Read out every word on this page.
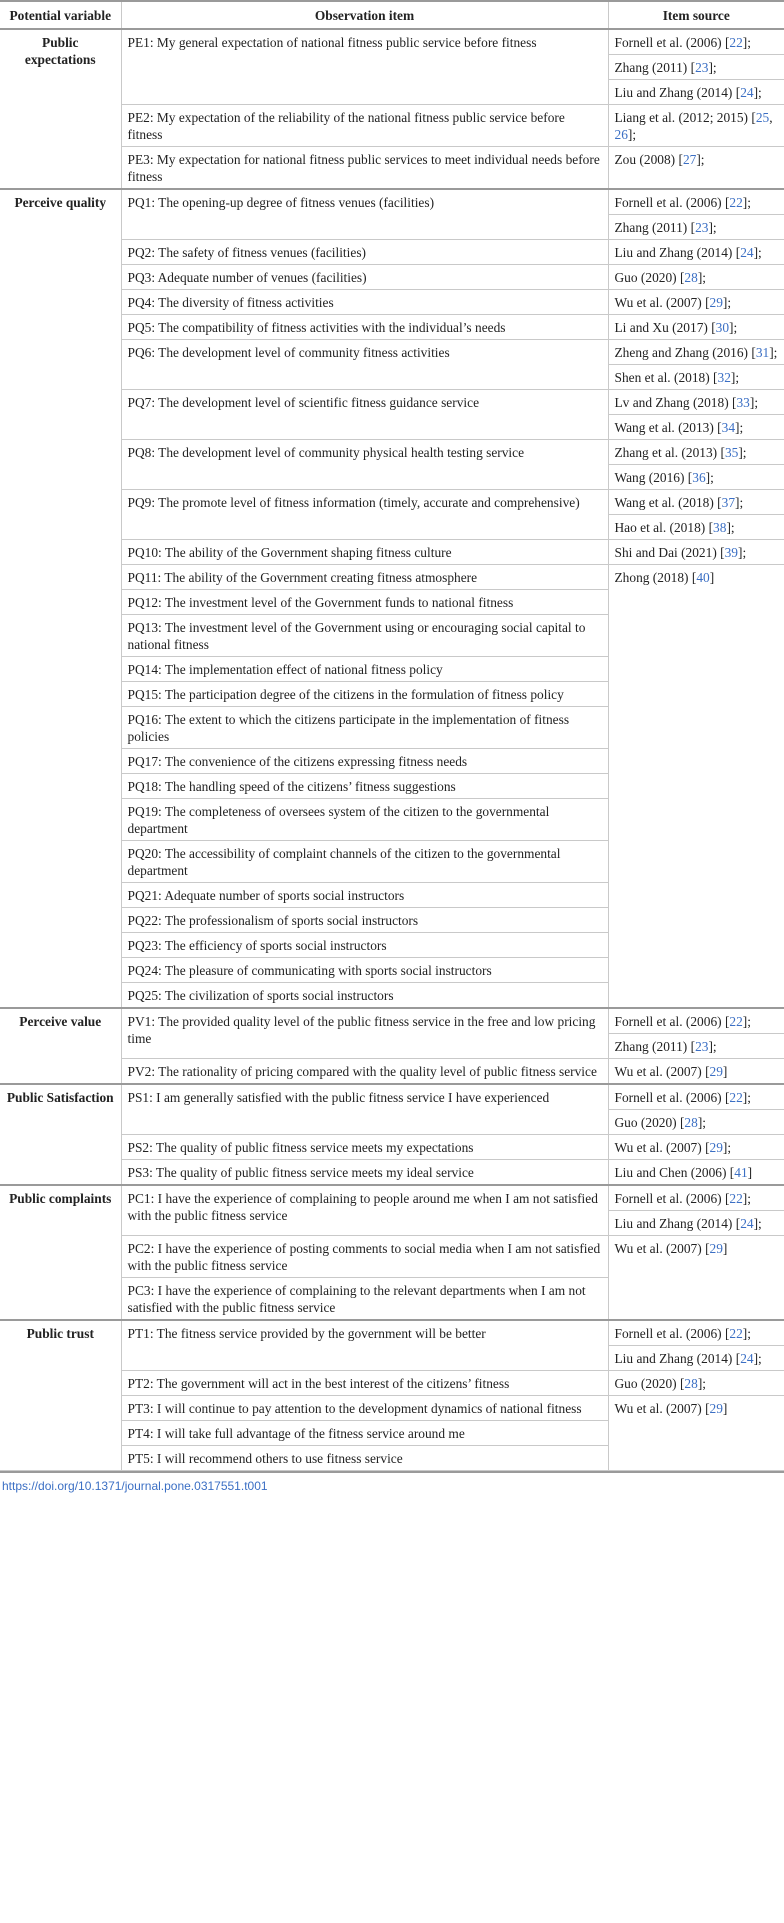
Potential variable	Observation item	Item source
Public expectations	PE1: My general expectation of national fitness public service before fitness	Fornell et al. (2006) [22];
		Zhang (2011) [23];
		Liu and Zhang (2014) [24];
	PE2: My expectation of the reliability of the national fitness public service before fitness	Liang et al. (2012; 2015) [25, 26];
	PE3: My expectation for national fitness public services to meet individual needs before fitness	Zou (2008) [27];
Perceive quality	PQ1: The opening-up degree of fitness venues (facilities)	Fornell et al. (2006) [22];
		Zhang (2011) [23];
	PQ2: The safety of fitness venues (facilities)	Liu and Zhang (2014) [24];
	PQ3: Adequate number of venues (facilities)	Guo (2020) [28];
	PQ4: The diversity of fitness activities	Wu et al. (2007) [29];
	PQ5: The compatibility of fitness activities with the individual’s needs	Li and Xu (2017) [30];
	PQ6: The development level of community fitness activities	Zheng and Zhang (2016) [31];
		Shen et al. (2018) [32];
	PQ7: The development level of scientific fitness guidance service	Lv and Zhang (2018) [33];
		Wang et al. (2013) [34];
	PQ8: The development level of community physical health testing service	Zhang et al. (2013) [35];
		Wang (2016) [36];
	PQ9: The promote level of fitness information (timely, accurate and comprehensive)	Wang et al. (2018) [37];
		Hao et al. (2018) [38];
	PQ10: The ability of the Government shaping fitness culture	Shi and Dai (2021) [39];
	PQ11: The ability of the Government creating fitness atmosphere	Zhong (2018) [40]
	PQ12: The investment level of the Government funds to national fitness	
	PQ13: The investment level of the Government using or encouraging social capital to national fitness	
	PQ14: The implementation effect of national fitness policy	
	PQ15: The participation degree of the citizens in the formulation of fitness policy	
	PQ16: The extent to which the citizens participate in the implementation of fitness policies	
	PQ17: The convenience of the citizens expressing fitness needs	
	PQ18: The handling speed of the citizens’ fitness suggestions	
	PQ19: The completeness of oversees system of the citizen to the governmental department	
	PQ20: The accessibility of complaint channels of the citizen to the governmental department	
	PQ21: Adequate number of sports social instructors	
	PQ22: The professionalism of sports social instructors	
	PQ23: The efficiency of sports social instructors	
	PQ24: The pleasure of communicating with sports social instructors	
	PQ25: The civilization of sports social instructors	
Perceive value	PV1: The provided quality level of the public fitness service in the free and low pricing time	Fornell et al. (2006) [22];
		Zhang (2011) [23];
	PV2: The rationality of pricing compared with the quality level of public fitness service	Wu et al. (2007) [29]
Public Satisfaction	PS1: I am generally satisfied with the public fitness service I have experienced	Fornell et al. (2006) [22];
		Guo (2020) [28];
	PS2: The quality of public fitness service meets my expectations	Wu et al. (2007) [29];
	PS3: The quality of public fitness service meets my ideal service	Liu and Chen (2006) [41]
Public complaints	PC1: I have the experience of complaining to people around me when I am not satisfied with the public fitness service	Fornell et al. (2006) [22];
		Liu and Zhang (2014) [24];
	PC2: I have the experience of posting comments to social media when I am not satisfied with the public fitness service	Wu et al. (2007) [29]
	PC3: I have the experience of complaining to the relevant departments when I am not satisfied with the public fitness service	
Public trust	PT1: The fitness service provided by the government will be better	Fornell et al. (2006) [22];
		Liu and Zhang (2014) [24];
	PT2: The government will act in the best interest of the citizens’ fitness	Guo (2020) [28];
	PT3: I will continue to pay attention to the development dynamics of national fitness	Wu et al. (2007) [29]
	PT4: I will take full advantage of the fitness service around me	
	PT5: I will recommend others to use fitness service	
https://doi.org/10.1371/journal.pone.0317551.t001
